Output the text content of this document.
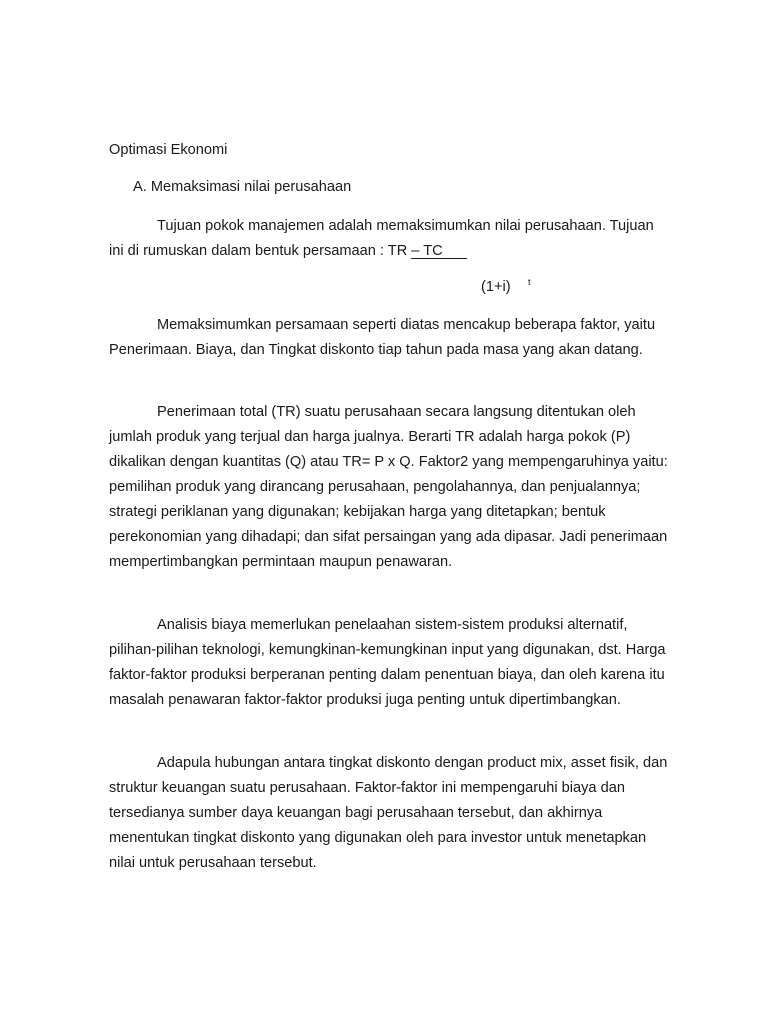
Optimasi Ekonomi
A. Memaksimasi nilai perusahaan

Tujuan pokok manajemen adalah memaksimumkan nilai perusahaan. Tujuan ini di rumuskan dalam bentuk persamaan : TR – TC

(1+i) t

Memaksimumkan persamaan seperti diatas mencakup beberapa faktor, yaitu Penerimaan. Biaya, dan Tingkat diskonto tiap tahun pada masa yang akan datang.

Penerimaan total (TR) suatu perusahaan secara langsung ditentukan oleh jumlah produk yang terjual dan harga jualnya. Berarti TR adalah harga pokok (P) dikalikan dengan kuantitas (Q) atau TR= P x Q. Faktor2 yang mempengaruhinya yaitu: pemilihan produk yang dirancang perusahaan, pengolahannya, dan penjualannya; strategi periklanan yang digunakan; kebijakan harga yang ditetapkan; bentuk perekonomian yang dihadapi; dan sifat persaingan yang ada dipasar. Jadi penerimaan mempertimbangkan permintaan maupun penawaran.

Analisis biaya memerlukan penelaahan sistem-sistem produksi alternatif, pilihan-pilihan teknologi, kemungkinan-kemungkinan input yang digunakan, dst. Harga faktor-faktor produksi berperanan penting dalam penentuan biaya, dan oleh karena itu masalah penawaran faktor-faktor produksi juga penting untuk dipertimbangkan.

Adapula hubungan antara tingkat diskonto dengan product mix, asset fisik, dan struktur keuangan suatu perusahaan. Faktor-faktor ini mempengaruhi biaya dan tersedianya sumber daya keuangan bagi perusahaan tersebut, dan akhirnya menentukan tingkat diskonto yang digunakan oleh para investor untuk menetapkan nilai untuk perusahaan tersebut.
